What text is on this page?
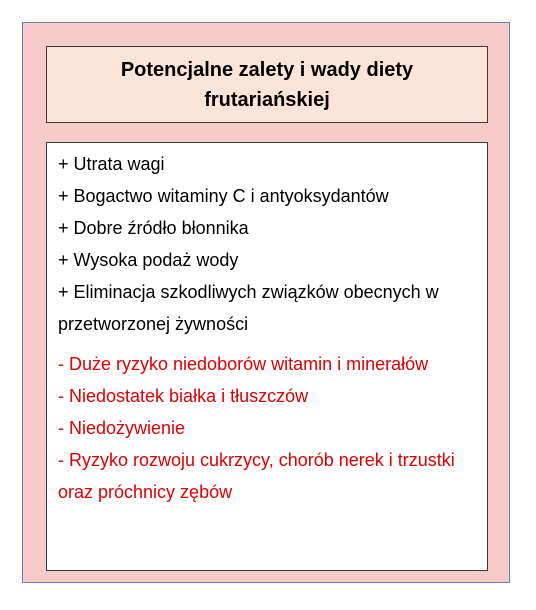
Potencjalne zalety i wady diety frutariańskiej
+ Utrata wagi
+ Bogactwo witaminy C i antyoksydantów
+ Dobre źródło błonnika
+ Wysoka podaż wody
+ Eliminacja szkodliwych związków obecnych w przetworzonej żywności
- Duże ryzyko niedoborów witamin i minerałów
- Niedostatek białka i tłuszczów
- Niedożywienie
- Ryzyko rozwoju cukrzycy, chorób nerek i trzustki oraz próchnicy zębów
